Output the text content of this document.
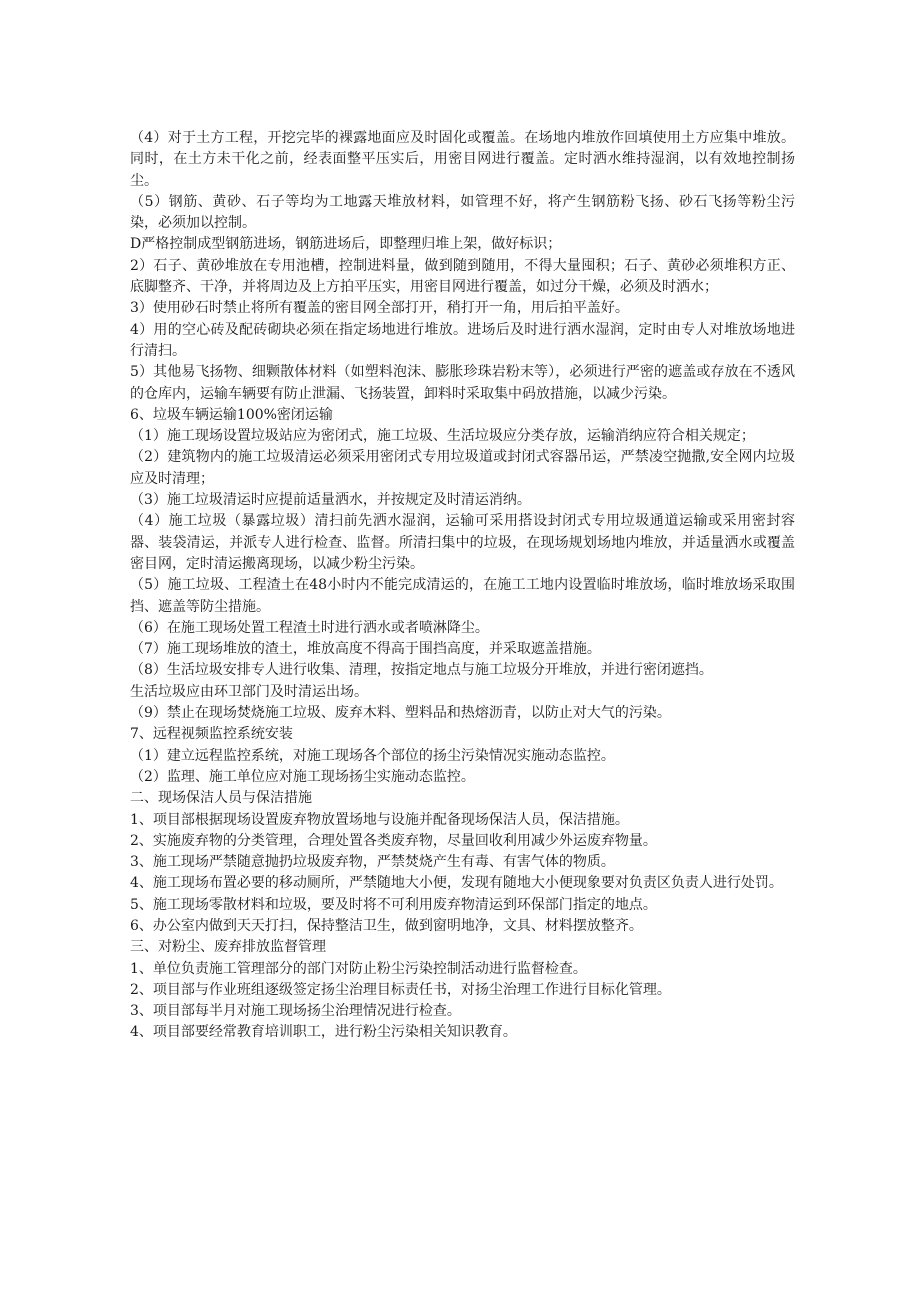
（4）对于土方工程，开挖完毕的裸露地面应及时固化或覆盖。在场地内堆放作回填使用土方应集中堆放。同时，在土方未干化之前，经表面整平压实后，用密目网进行覆盖。定时洒水维持湿润，以有效地控制扬尘。

（5）钢筋、黄砂、石子等均为工地露天堆放材料，如管理不好，将产生钢筋粉飞扬、砂石飞扬等粉尘污染，必须加以控制。

D严格控制成型钢筋进场，钢筋进场后，即整理归堆上架，做好标识；

2）石子、黄砂堆放在专用池槽，控制进料量，做到随到随用，不得大量囤积；石子、黄砂必须堆积方正、底脚整齐、干净，并将周边及上方拍平压实，用密目网进行覆盖，如过分干燥，必须及时洒水；

3）使用砂石时禁止将所有覆盖的密目网全部打开，稍打开一角，用后拍平盖好。

4）用的空心砖及配砖砌块必须在指定场地进行堆放。进场后及时进行洒水湿润，定时由专人对堆放场地进行清扫。

5）其他易飞扬物、细颗散体材料（如塑料泡沫、膨胀珍珠岩粉末等），必须进行严密的遮盖或存放在不透风的仓库内，运输车辆要有防止泄漏、飞扬装置，卸料时采取集中码放措施，以减少污染。

6、垃圾车辆运输100%密闭运输

（1）施工现场设置垃圾站应为密闭式，施工垃圾、生活垃圾应分类存放，运输消纳应符合相关规定；

（2）建筑物内的施工垃圾清运必须采用密闭式专用垃圾道或封闭式容器吊运，严禁凌空抛撒,安全网内垃圾应及时清理；

（3）施工垃圾清运时应提前适量洒水，并按规定及时清运消纳。

（4）施工垃圾（暴露垃圾）清扫前先洒水湿润，运输可采用搭设封闭式专用垃圾通道运输或采用密封容器、装袋清运，并派专人进行检查、监督。所清扫集中的垃圾，在现场规划场地内堆放，并适量洒水或覆盖密目网，定时清运搬离现场，以减少粉尘污染。

（5）施工垃圾、工程渣土在48小时内不能完成清运的，在施工工地内设置临时堆放场，临时堆放场采取围挡、遮盖等防尘措施。

（6）在施工现场处置工程渣土时进行洒水或者喷淋降尘。

（7）施工现场堆放的渣土，堆放高度不得高于围挡高度，并采取遮盖措施。

（8）生活垃圾安排专人进行收集、清理，按指定地点与施工垃圾分开堆放，并进行密闭遮挡。

生活垃圾应由环卫部门及时清运出场。

（9）禁止在现场焚烧施工垃圾、废弃木料、塑料品和热熔沥青，以防止对大气的污染。

7、远程视频监控系统安装

（1）建立远程监控系统，对施工现场各个部位的扬尘污染情况实施动态监控。

（2）监理、施工单位应对施工现场扬尘实施动态监控。

二、现场保洁人员与保洁措施

1、项目部根据现场设置废弃物放置场地与设施并配备现场保洁人员，保洁措施。

2、实施废弃物的分类管理，合理处置各类废弃物，尽量回收利用减少外运废弃物量。

3、施工现场严禁随意抛扔垃圾废弃物，严禁焚烧产生有毒、有害气体的物质。

4、施工现场布置必要的移动厕所，严禁随地大小便，发现有随地大小便现象要对负责区负责人进行处罚。

5、施工现场零散材料和垃圾，要及时将不可利用废弃物清运到环保部门指定的地点。

6、办公室内做到天天打扫，保持整洁卫生，做到窗明地净，文具、材料摆放整齐。

三、对粉尘、废弃排放监督管理

1、单位负责施工管理部分的部门对防止粉尘污染控制活动进行监督检查。

2、项目部与作业班组逐级签定扬尘治理目标责任书，对扬尘治理工作进行目标化管理。

3、项目部每半月对施工现场扬尘治理情况进行检查。

4、项目部要经常教育培训职工，进行粉尘污染相关知识教育。
